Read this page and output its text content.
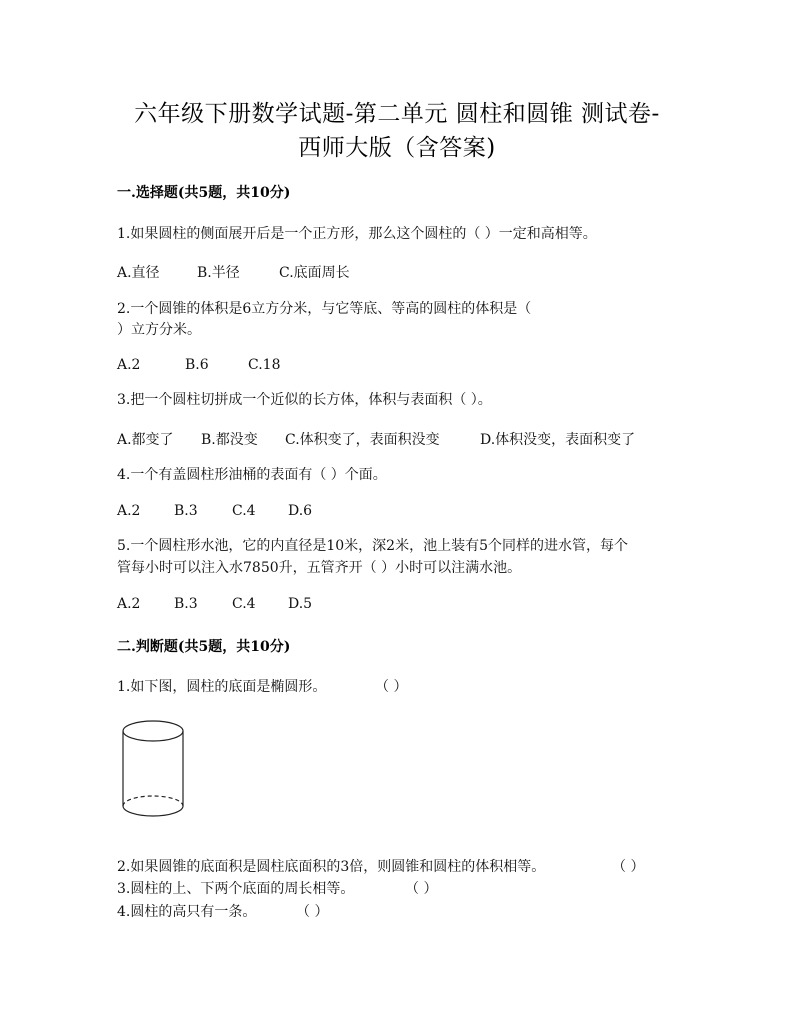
六年级下册数学试题-第二单元 圆柱和圆锥 测试卷-
西师大版（含答案)
一.选择题(共5题，共10分)
1.如果圆柱的侧面展开后是一个正方形，那么这个圆柱的（ ）一定和高相等。
A.直径	B.半径	C.底面周长
2.一个圆锥的体积是6立方分米，与它等底、等高的圆柱的体积是（
）立方分米。
A.2	B.6	C.18
3.把一个圆柱切拼成一个近似的长方体，体积与表面积（ ）。
A.都变了 B.都没变 C.体积变了，表面积没变	D.体积没变，表面积变了
4.一个有盖圆柱形油桶的表面有（ ）个面。
A.2 B.3 C.4 D.6
5.一个圆柱形水池，它的内直径是10米，深2米，池上装有5个同样的进水管，每个
管每小时可以注入水7850升，五管齐开（ ）小时可以注满水池。
A.2 B.3 C.4 D.5
二.判断题(共5题，共10分)
1.如下图，圆柱的底面是椭圆形。	（ ）
2.如果圆锥的底面积是圆柱底面积的3倍，则圆锥和圆柱的体积相等。	（ ）
3.圆柱的上、下两个底面的周长相等。	（ ）
4.圆柱的高只有一条。	（ ）
